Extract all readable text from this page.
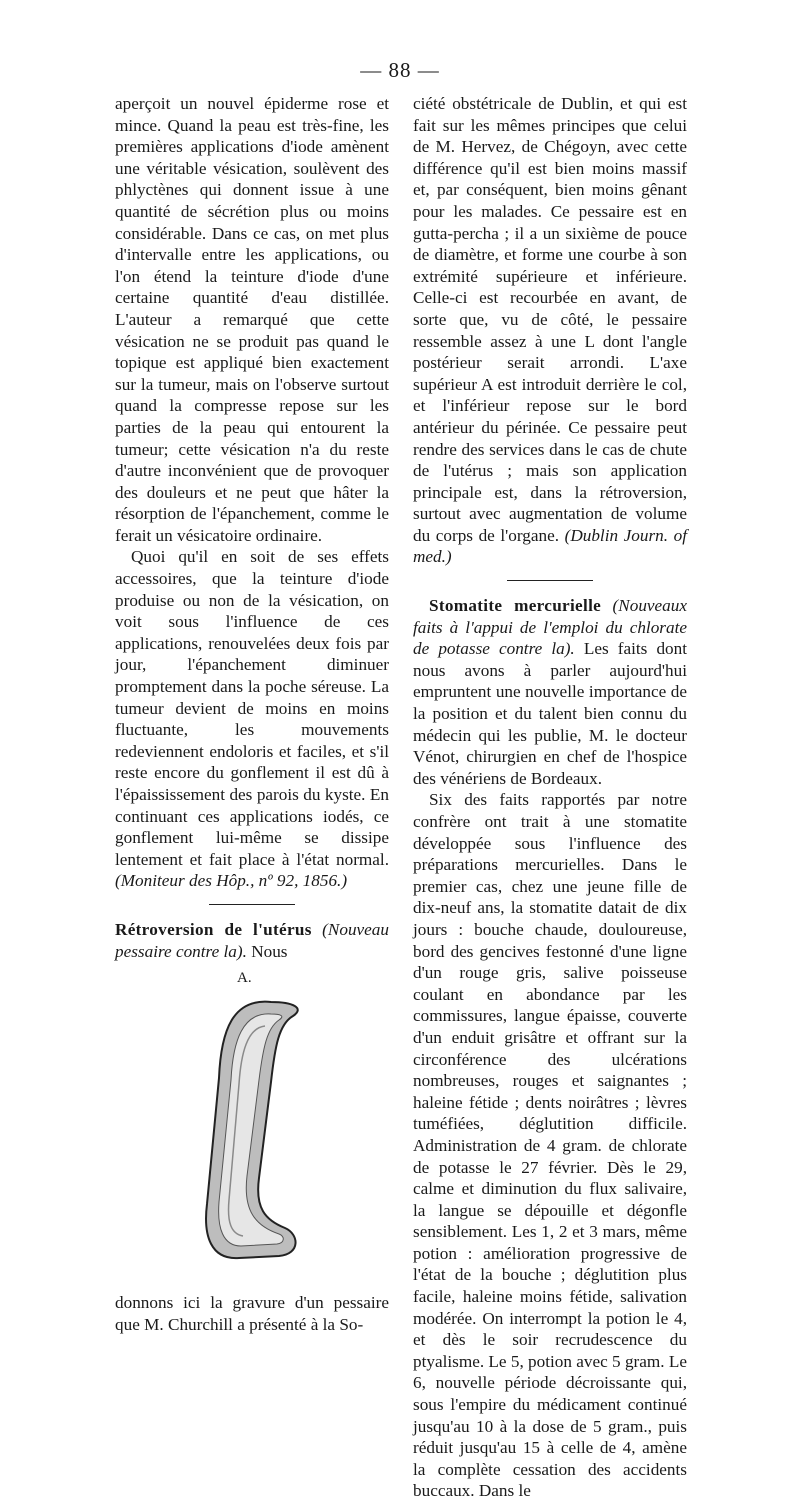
— 88 —

aperçoit un nouvel épiderme rose et mince. Quand la peau est très-fine, les premières applications d'iode amènent une véritable vésication, soulèvent des phlyctènes qui donnent issue à une quantité de sécrétion plus ou moins considérable. Dans ce cas, on met plus d'intervalle entre les applications, ou l'on étend la teinture d'iode d'une certaine quantité d'eau distillée. L'auteur a remarqué que cette vésication ne se produit pas quand le topique est appliqué bien exactement sur la tumeur, mais on l'observe surtout quand la compresse repose sur les parties de la peau qui entourent la tumeur; cette vésication n'a du reste d'autre inconvénient que de provoquer des douleurs et ne peut que hâter la résorption de l'épanchement, comme le ferait un vésicatoire ordinaire.

Quoi qu'il en soit de ses effets accessoires, que la teinture d'iode produise ou non de la vésication, on voit sous l'influence de ces applications, renouvelées deux fois par jour, l'épanchement diminuer promptement dans la poche séreuse. La tumeur devient de moins en moins fluctuante, les mouvements redeviennent endoloris et faciles, et s'il reste encore du gonflement il est dû à l'épaississement des parois du kyste. En continuant ces applications iodés, ce gonflement lui-même se dissipe lentement et fait place à l'état normal. (Moniteur des Hôp., nº 92, 1856.)

Rétroversion de l'utérus (Nouveau pessaire contre la). Nous

A.

donnons ici la gravure d'un pessaire que M. Churchill a présenté à la So-

ciété obstétricale de Dublin, et qui est fait sur les mêmes principes que celui de M. Hervez, de Chégoyn, avec cette différence qu'il est bien moins massif et, par conséquent, bien moins gênant pour les malades. Ce pessaire est en gutta-percha ; il a un sixième de pouce de diamètre, et forme une courbe à son extrémité supérieure et inférieure. Celle-ci est recourbée en avant, de sorte que, vu de côté, le pessaire ressemble assez à une L dont l'angle postérieur serait arrondi. L'axe supérieur A est introduit derrière le col, et l'inférieur repose sur le bord antérieur du périnée. Ce pessaire peut rendre des services dans le cas de chute de l'utérus ; mais son application principale est, dans la rétroversion, surtout avec augmentation de volume du corps de l'organe. (Dublin Journ. of med.)

Stomatite mercurielle (Nouveaux faits à l'appui de l'emploi du chlorate de potasse contre la). Les faits dont nous avons à parler aujourd'hui empruntent une nouvelle importance de la position et du talent bien connu du médecin qui les publie, M. le docteur Vénot, chirurgien en chef de l'hospice des vénériens de Bordeaux.

Six des faits rapportés par notre confrère ont trait à une stomatite développée sous l'influence des préparations mercurielles. Dans le premier cas, chez une jeune fille de dix-neuf ans, la stomatite datait de dix jours : bouche chaude, douloureuse, bord des gencives festonné d'une ligne d'un rouge gris, salive poisseuse coulant en abondance par les commissures, langue épaisse, couverte d'un enduit grisâtre et offrant sur la circonférence des ulcérations nombreuses, rouges et saignantes ; haleine fétide ; dents noirâtres ; lèvres tuméfiées, déglutition difficile. Administration de 4 gram. de chlorate de potasse le 27 février. Dès le 29, calme et diminution du flux salivaire, la langue se dépouille et dégonfle sensiblement. Les 1, 2 et 3 mars, même potion : amélioration progressive de l'état de la bouche ; déglutition plus facile, haleine moins fétide, salivation modérée. On interrompt la potion le 4, et dès le soir recrudescence du ptyalisme. Le 5, potion avec 5 gram. Le 6, nouvelle période décroissante qui, sous l'empire du médicament continué jusqu'au 10 à la dose de 5 gram., puis réduit jusqu'au 15 à celle de 4, amène la complète cessation des accidents buccaux. Dans le
